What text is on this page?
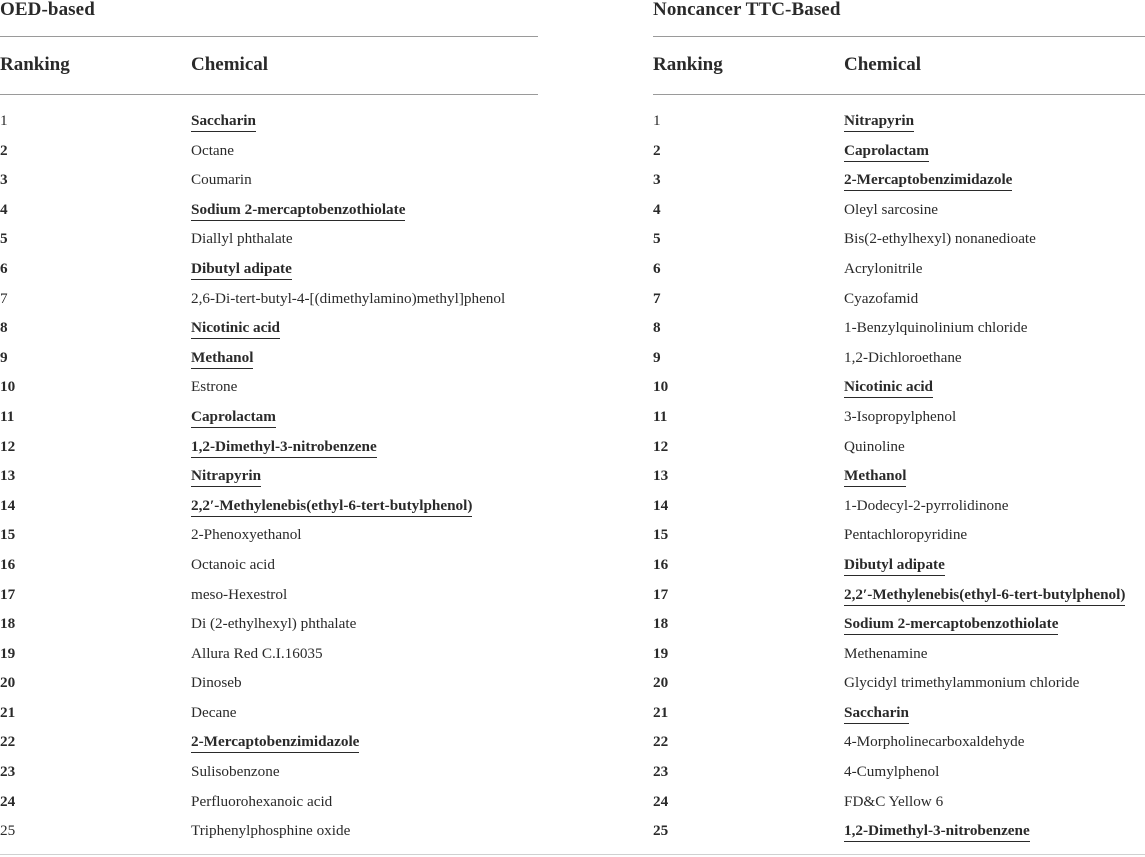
OED-based
Ranking	Chemical
1	Saccharin
2	Octane
3	Coumarin
4	Sodium 2-mercaptobenzothiolate
5	Diallyl phthalate
6	Dibutyl adipate
7	2,6-Di-tert-butyl-4-[(dimethylamino)methyl]phenol
8	Nicotinic acid
9	Methanol
10	Estrone
11	Caprolactam
12	1,2-Dimethyl-3-nitrobenzene
13	Nitrapyrin
14	2,2′-Methylenebis(ethyl-6-tert-butylphenol)
15	2-Phenoxyethanol
16	Octanoic acid
17	meso-Hexestrol
18	Di (2-ethylhexyl) phthalate
19	Allura Red C.I.16035
20	Dinoseb
21	Decane
22	2-Mercaptobenzimidazole
23	Sulisobenzone
24	Perfluorohexanoic acid
25	Triphenylphosphine oxide
Noncancer TTC-Based
Ranking	Chemical
1	Nitrapyrin
2	Caprolactam
3	2-Mercaptobenzimidazole
4	Oleyl sarcosine
5	Bis(2-ethylhexyl) nonanedioate
6	Acrylonitrile
7	Cyazofamid
8	1-Benzylquinolinium chloride
9	1,2-Dichloroethane
10	Nicotinic acid
11	3-Isopropylphenol
12	Quinoline
13	Methanol
14	1-Dodecyl-2-pyrrolidinone
15	Pentachloropyridine
16	Dibutyl adipate
17	2,2′-Methylenebis(ethyl-6-tert-butylphenol)
18	Sodium 2-mercaptobenzothiolate
19	Methenamine
20	Glycidyl trimethylammonium chloride
21	Saccharin
22	4-Morpholinecarboxaldehyde
23	4-Cumylphenol
24	FD&C Yellow 6
25	1,2-Dimethyl-3-nitrobenzene
